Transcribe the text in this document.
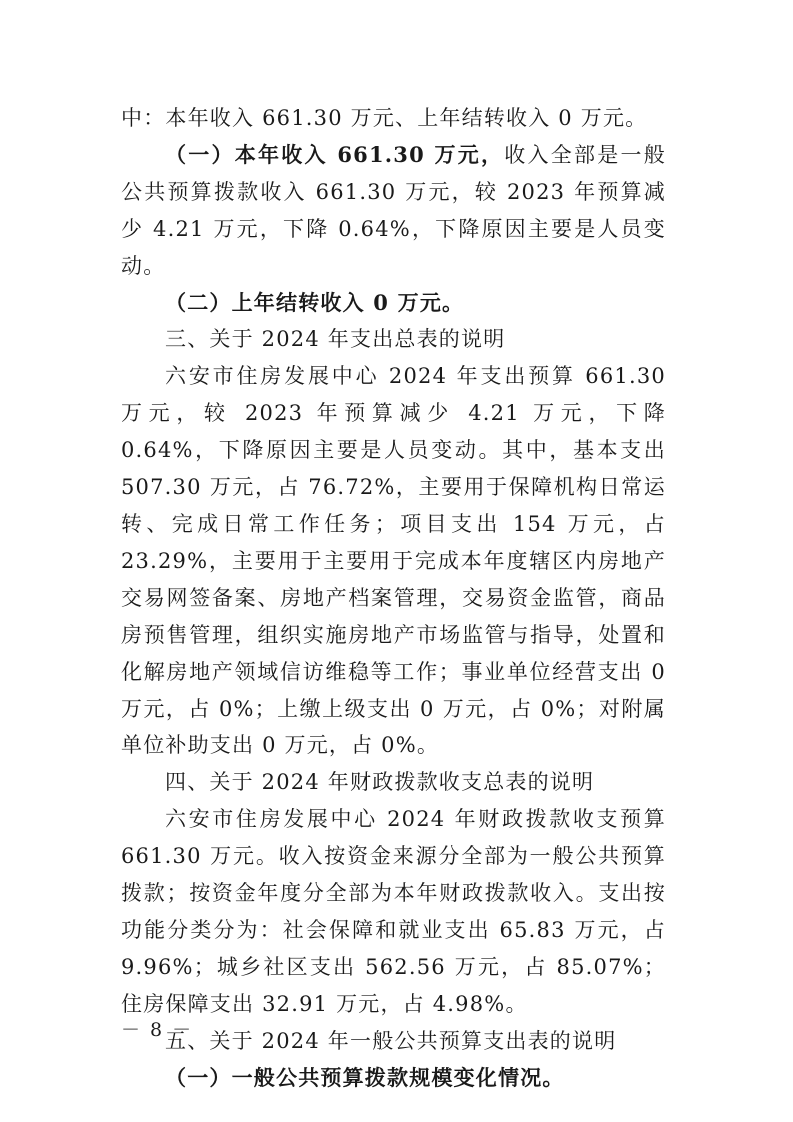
中：本年收入 661.30 万元、上年结转收入 0 万元。

（一）本年收入 661.30 万元，收入全部是一般公共预算拨款收入 661.30 万元，较 2023 年预算减少 4.21 万元，下降 0.64%，下降原因主要是人员变动。

（二）上年结转收入 0 万元。

三、关于 2024 年支出总表的说明

六安市住房发展中心 2024 年支出预算 661.30 万元，较 2023 年预算减少 4.21 万元，下降 0.64%，下降原因主要是人员变动。其中，基本支出 507.30 万元，占 76.72%，主要用于保障机构日常运转、完成日常工作任务；项目支出 154 万元，占 23.29%，主要用于主要用于完成本年度辖区内房地产交易网签备案、房地产档案管理，交易资金监管，商品房预售管理，组织实施房地产市场监管与指导，处置和化解房地产领域信访维稳等工作；事业单位经营支出 0 万元，占 0%；上缴上级支出 0 万元，占 0%；对附属单位补助支出 0 万元，占 0%。

四、关于 2024 年财政拨款收支总表的说明

六安市住房发展中心 2024 年财政拨款收支预算 661.30 万元。收入按资金来源分全部为一般公共预算拨款；按资金年度分全部为本年财政拨款收入。支出按功能分类分为：社会保障和就业支出 65.83 万元，占 9.96%；城乡社区支出 562.56 万元，占 85.07%；住房保障支出 32.91 万元，占 4.98%。

五、关于 2024 年一般公共预算支出表的说明

（一）一般公共预算拨款规模变化情况。

－ 8 －
